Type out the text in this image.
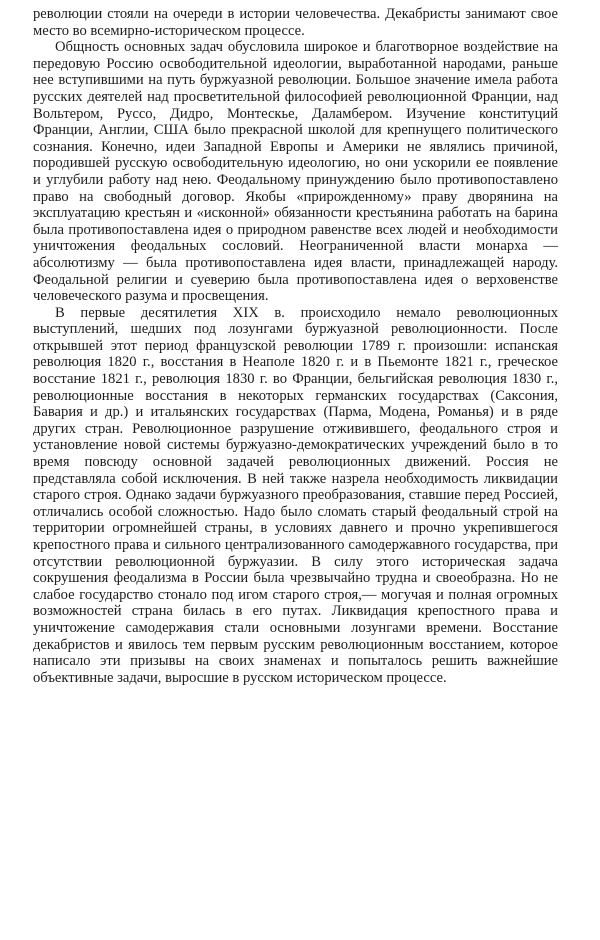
революции стояли на очереди в истории человечества. Декабристы занимают свое место во всемирно-историческом процессе.

Общность основных задач обусловила широкое и благотворное воздействие на передовую Россию освободительной идеологии, выработанной народами, раньше нее вступившими на путь буржуазной революции. Большое значение имела работа русских деятелей над просветительной философией революционной Франции, над Вольтером, Руссо, Дидро, Монтескье, Даламбером. Изучение конституций Франции, Англии, США было прекрасной школой для крепнущего политического сознания. Конечно, идеи Западной Европы и Америки не являлись причиной, породившей русскую освободительную идеологию, но они ускорили ее появление и углубили работу над нею. Феодальному принуждению было противопоставлено право на свободный договор. Якобы «прирожденному» праву дворянина на эксплуатацию крестьян и «исконной» обязанности крестьянина работать на барина была противопоставлена идея о природном равенстве всех людей и необходимости уничтожения феодальных сословий. Неограниченной власти монарха — абсолютизму — была противопоставлена идея власти, принадлежащей народу. Феодальной религии и суеверию была противопоставлена идея о верховенстве человеческого разума и просвещения.

В первые десятилетия XIX в. происходило немало революционных выступлений, шедших под лозунгами буржуазной революционности. После открывшей этот период французской революции 1789 г. произошли: испанская революция 1820 г., восстания в Неаполе 1820 г. и в Пьемонте 1821 г., греческое восстание 1821 г., революция 1830 г. во Франции, бельгийская революция 1830 г., революционные восстания в некоторых германских государствах (Саксония, Бавария и др.) и итальянских государствах (Парма, Модена, Романья) и в ряде других стран. Революционное разрушение отживившего, феодального строя и установление новой системы буржуазно-демократических учреждений было в то время повсюду основной задачей революционных движений. Россия не представляла собой исключения. В ней также назрела необходимость ликвидации старого строя. Однако задачи буржуазного преобразования, ставшие перед Россией, отличались особой сложностью. Надо было сломать старый феодальный строй на территории огромнейшей страны, в условиях давнего и прочно укрепившегося крепостного права и сильного централизованного самодержавного государства, при отсутствии революционной буржуазии. В силу этого историческая задача сокрушения феодализма в России была чрезвычайно трудна и своеобразна. Но не слабое государство стонало под игом старого строя,— могучая и полная огромных возможностей страна билась в его путах. Ликвидация крепостного права и уничтожение самодержавия стали основными лозунгами времени. Восстание декабристов и явилось тем первым русским революционным восстанием, которое написало эти призывы на своих знаменах и попыталось решить важнейшие объективные задачи, выросшие в русском историческом процессе.
